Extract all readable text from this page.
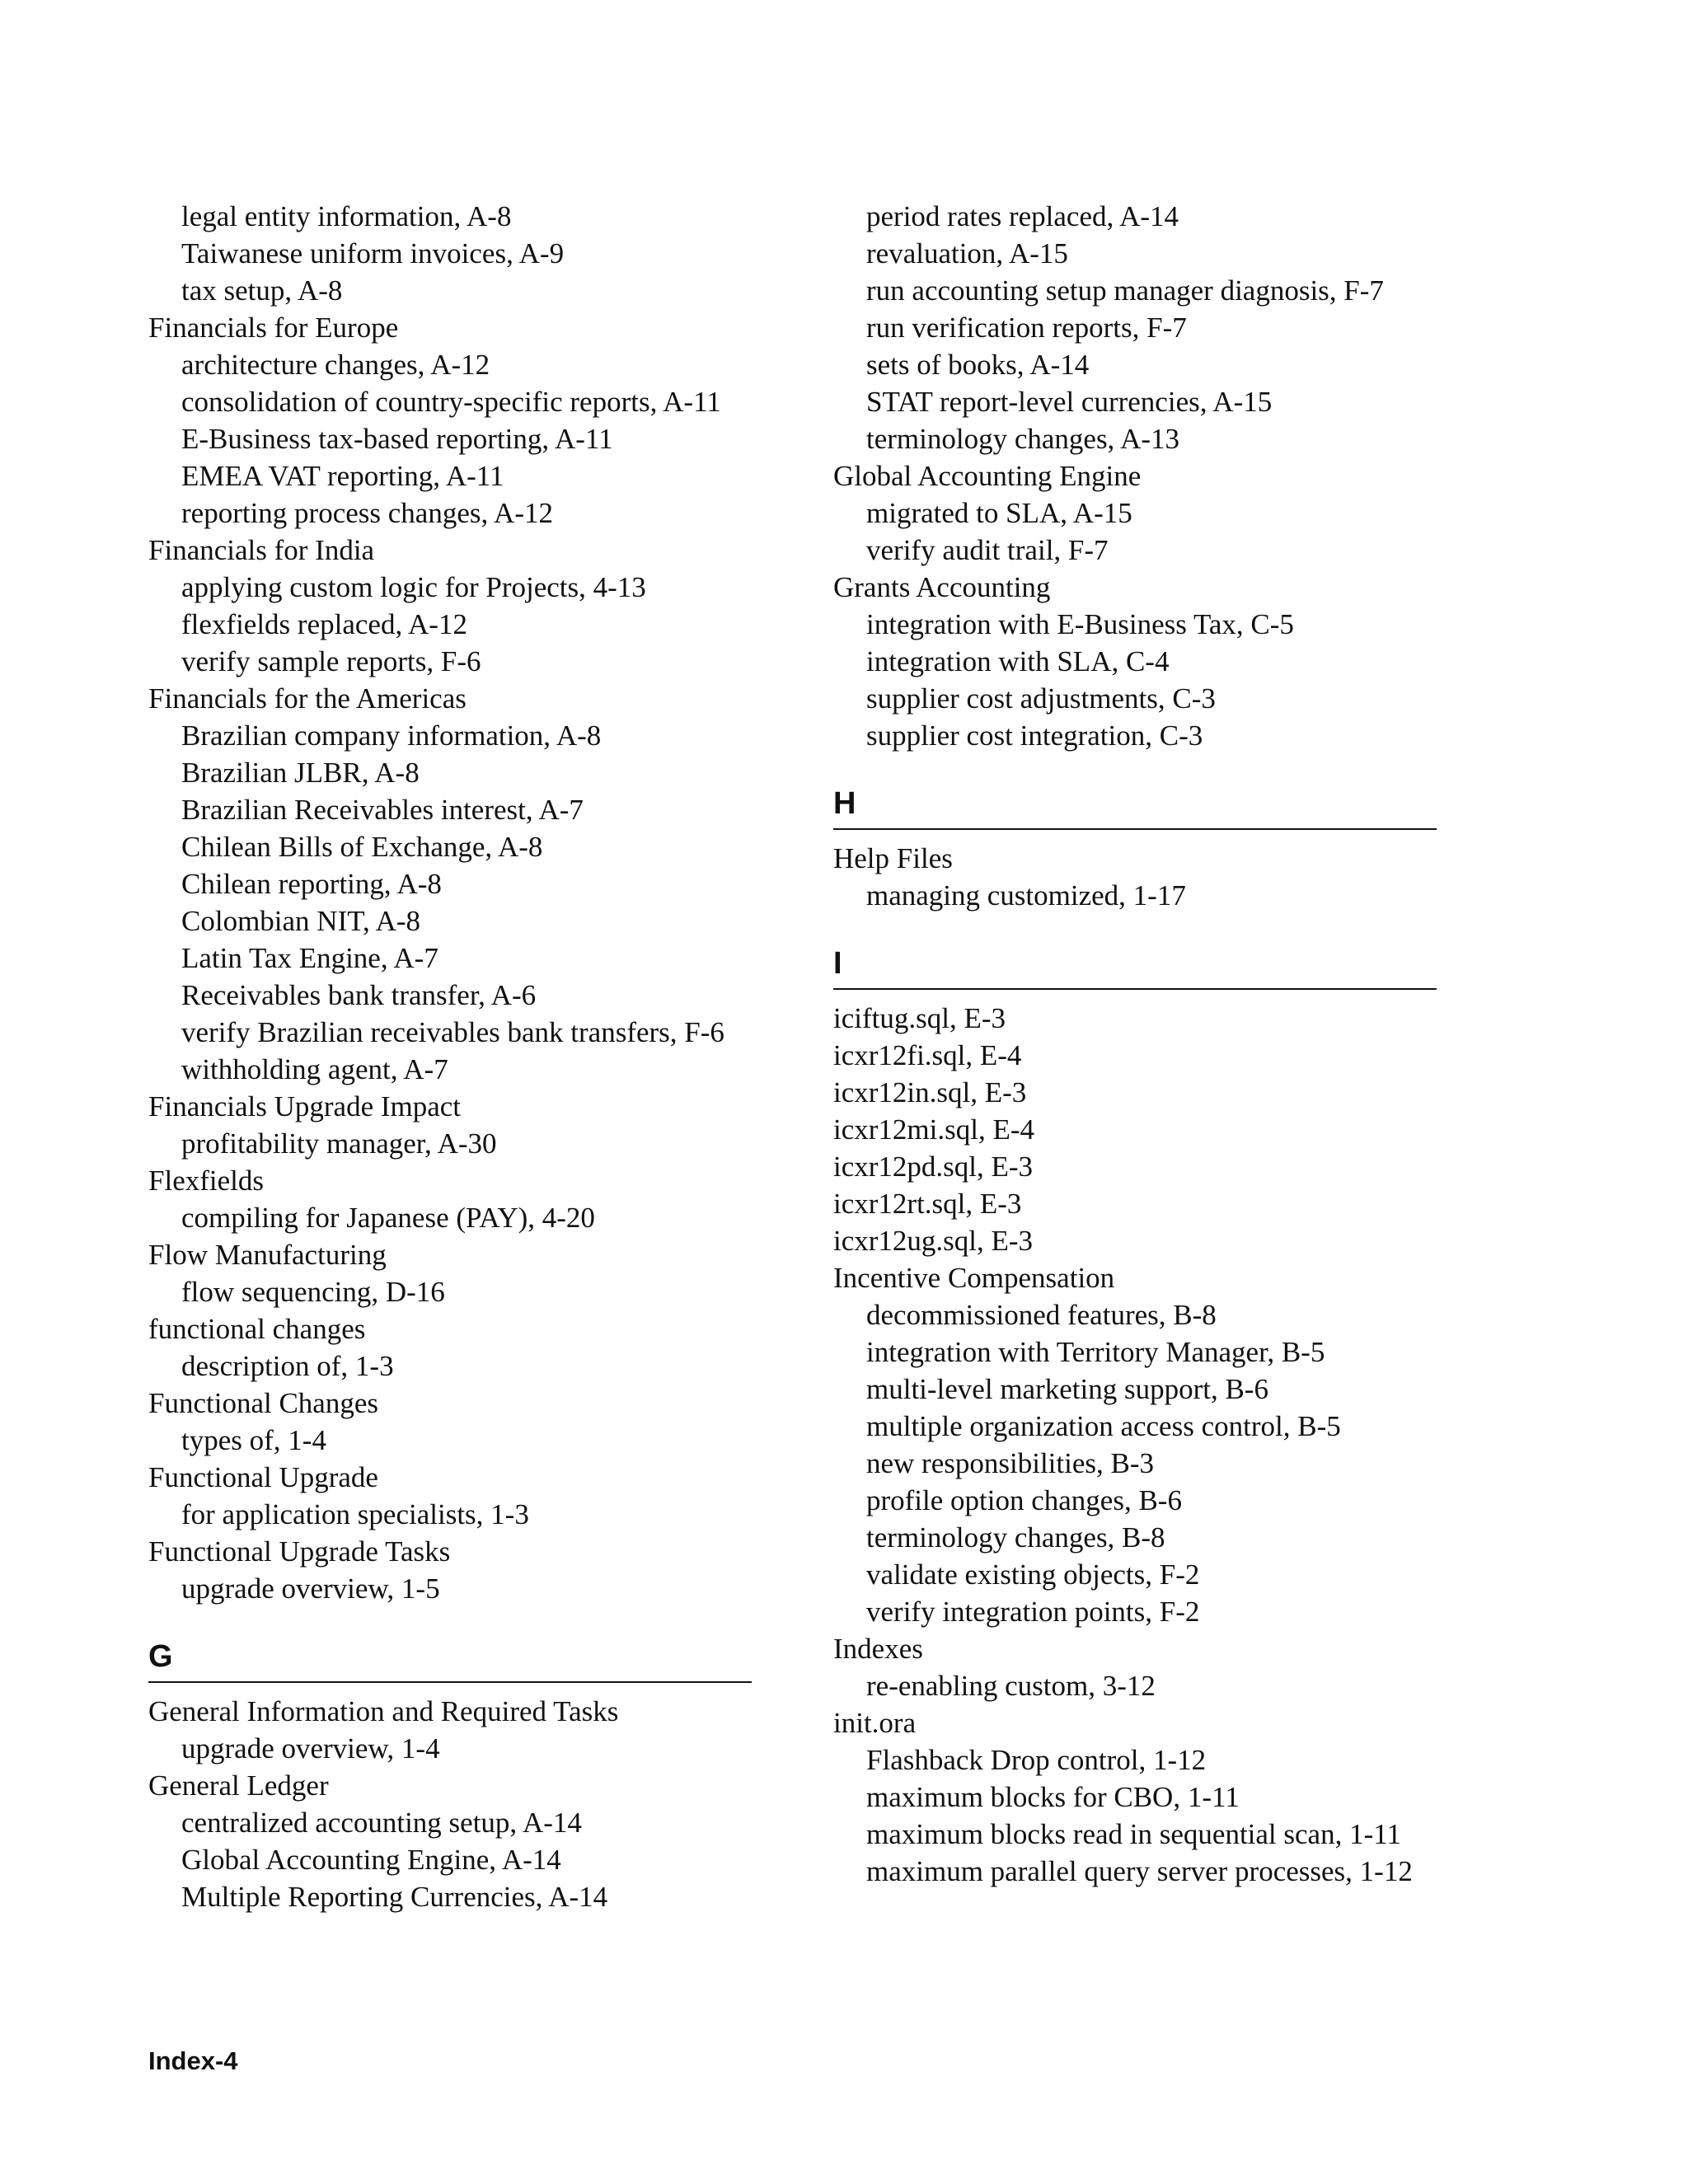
legal entity information, A-8
Taiwanese uniform invoices, A-9
tax setup, A-8
Financials for Europe
architecture changes, A-12
consolidation of country-specific reports, A-11
E-Business tax-based reporting, A-11
EMEA VAT reporting, A-11
reporting process changes, A-12
Financials for India
applying custom logic for Projects, 4-13
flexfields replaced, A-12
verify sample reports, F-6
Financials for the Americas
Brazilian company information, A-8
Brazilian JLBR, A-8
Brazilian Receivables interest, A-7
Chilean Bills of Exchange, A-8
Chilean reporting, A-8
Colombian NIT, A-8
Latin Tax Engine, A-7
Receivables bank transfer, A-6
verify Brazilian receivables bank transfers, F-6
withholding agent, A-7
Financials Upgrade Impact
profitability manager, A-30
Flexfields
compiling for Japanese (PAY), 4-20
Flow Manufacturing
flow sequencing, D-16
functional changes
description of, 1-3
Functional Changes
types of, 1-4
Functional Upgrade
for application specialists, 1-3
Functional Upgrade Tasks
upgrade overview, 1-5
G
General Information and Required Tasks
upgrade overview, 1-4
General Ledger
centralized accounting setup, A-14
Global Accounting Engine, A-14
Multiple Reporting Currencies, A-14
period rates replaced, A-14
revaluation, A-15
run accounting setup manager diagnosis, F-7
run verification reports, F-7
sets of books, A-14
STAT report-level currencies, A-15
terminology changes, A-13
Global Accounting Engine
migrated to SLA, A-15
verify audit trail, F-7
Grants Accounting
integration with E-Business Tax, C-5
integration with SLA, C-4
supplier cost adjustments, C-3
supplier cost integration, C-3
H
Help Files
managing customized, 1-17
I
iciftug.sql, E-3
icxr12fi.sql, E-4
icxr12in.sql, E-3
icxr12mi.sql, E-4
icxr12pd.sql, E-3
icxr12rt.sql, E-3
icxr12ug.sql, E-3
Incentive Compensation
decommissioned features, B-8
integration with Territory Manager, B-5
multi-level marketing support, B-6
multiple organization access control, B-5
new responsibilities, B-3
profile option changes, B-6
terminology changes, B-8
validate existing objects, F-2
verify integration points, F-2
Indexes
re-enabling custom, 3-12
init.ora
Flashback Drop control, 1-12
maximum blocks for CBO, 1-11
maximum blocks read in sequential scan, 1-11
maximum parallel query server processes, 1-12
Index-4
